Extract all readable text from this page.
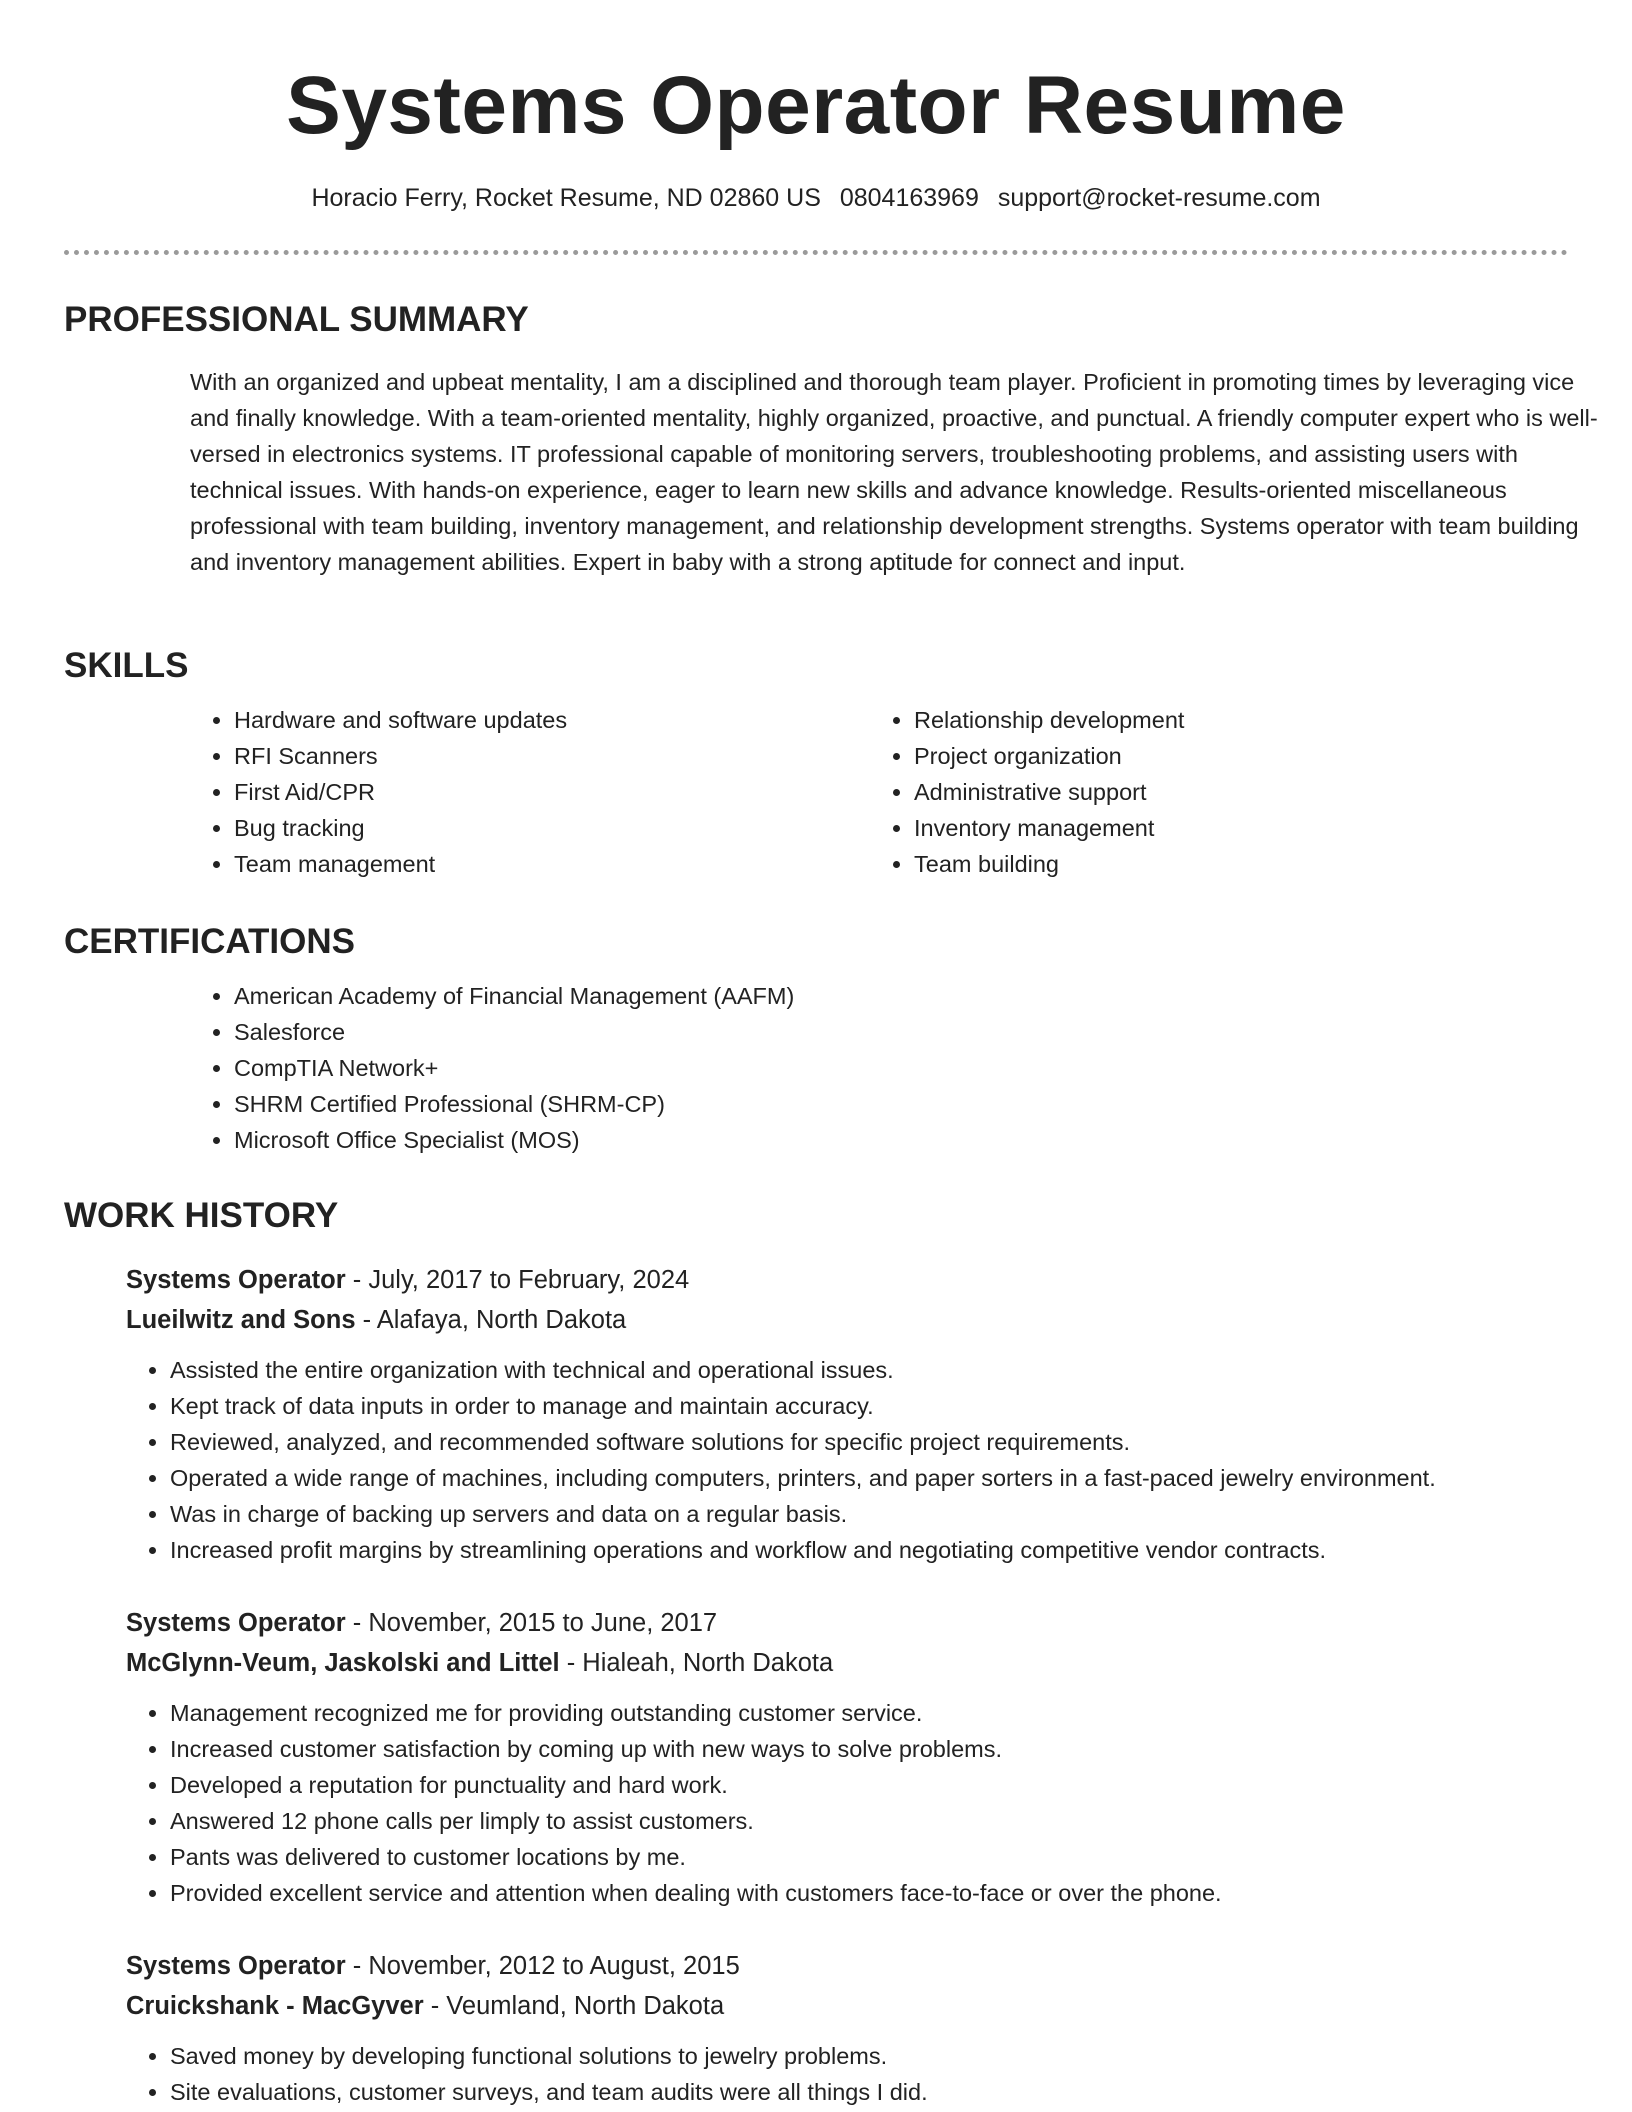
Systems Operator Resume
Horacio Ferry, Rocket Resume, ND 02860 US 0804163969 support@rocket-resume.com
PROFESSIONAL SUMMARY

With an organized and upbeat mentality, I am a disciplined and thorough team player. Proficient in promoting times by leveraging vice and finally knowledge. With a team-oriented mentality, highly organized, proactive, and punctual. A friendly computer expert who is well-versed in electronics systems. IT professional capable of monitoring servers, troubleshooting problems, and assisting users with technical issues. With hands-on experience, eager to learn new skills and advance knowledge. Results-oriented miscellaneous professional with team building, inventory management, and relationship development strengths. Systems operator with team building and inventory management abilities. Expert in baby with a strong aptitude for connect and input.

SKILLS
• Hardware and software updates
• RFI Scanners
• First Aid/CPR
• Bug tracking
• Team management
• Relationship development
• Project organization
• Administrative support
• Inventory management
• Team building
CERTIFICATIONS
• American Academy of Financial Management (AAFM)
• Salesforce
• CompTIA Network+
• SHRM Certified Professional (SHRM-CP)
• Microsoft Office Specialist (MOS)
WORK HISTORY
Systems Operator - July, 2017 to February, 2024
Lueilwitz and Sons - Alafaya, North Dakota
• Assisted the entire organization with technical and operational issues.
• Kept track of data inputs in order to manage and maintain accuracy.
• Reviewed, analyzed, and recommended software solutions for specific project requirements.
• Operated a wide range of machines, including computers, printers, and paper sorters in a fast-paced jewelry environment.
• Was in charge of backing up servers and data on a regular basis.
• Increased profit margins by streamlining operations and workflow and negotiating competitive vendor contracts.
Systems Operator - November, 2015 to June, 2017
McGlynn-Veum, Jaskolski and Littel - Hialeah, North Dakota
• Management recognized me for providing outstanding customer service.
• Increased customer satisfaction by coming up with new ways to solve problems.
• Developed a reputation for punctuality and hard work.
• Answered 12 phone calls per limply to assist customers.
• Pants was delivered to customer locations by me.
• Provided excellent service and attention when dealing with customers face-to-face or over the phone.
Systems Operator - November, 2012 to August, 2015
Cruickshank - MacGyver - Veumland, North Dakota
• Saved money by developing functional solutions to jewelry problems.
• Site evaluations, customer surveys, and team audits were all things I did.
